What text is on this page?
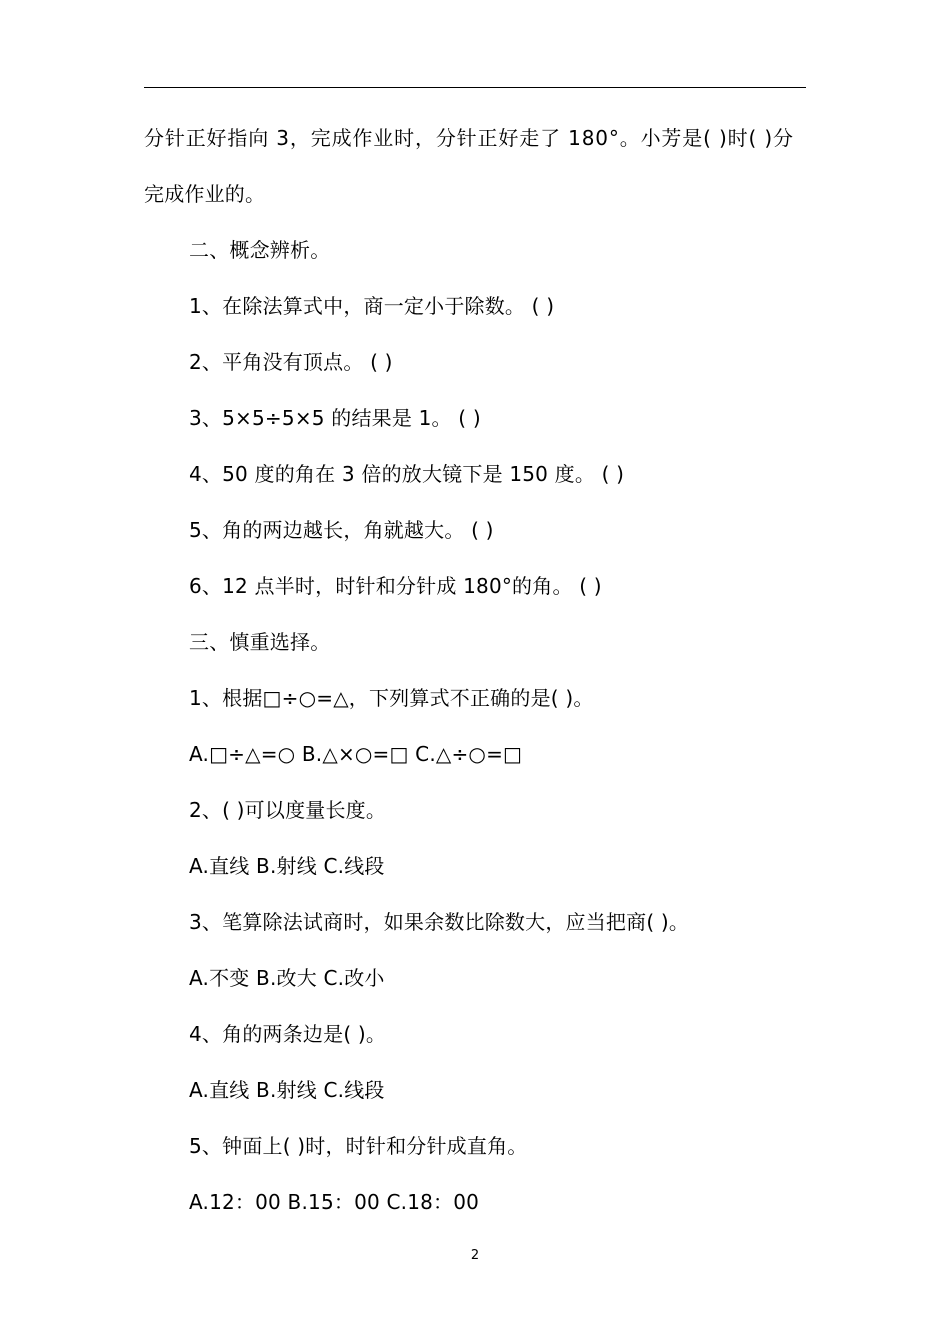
分针正好指向 3，完成作业时，分针正好走了 180°。小芳是( )时( )分
完成作业的。
二、概念辨析。
1、在除法算式中，商一定小于除数。 ( )
2、平角没有顶点。 ( )
3、5×5÷5×5 的结果是 1。 ( )
4、50 度的角在 3 倍的放大镜下是 150 度。 ( )
5、角的两边越长，角就越大。 ( )
6、12 点半时，时针和分针成 180°的角。 ( )
三、慎重选择。
1、根据□÷○=△，下列算式不正确的是( )。
A.□÷△=○ B.△×○=□ C.△÷○=□
2、( )可以度量长度。
A.直线 B.射线 C.线段
3、笔算除法试商时，如果余数比除数大，应当把商( )。
A.不变 B.改大 C.改小
4、角的两条边是( )。
A.直线 B.射线 C.线段
5、钟面上( )时，时针和分针成直角。
A.12：00 B.15：00 C.18：00
2
